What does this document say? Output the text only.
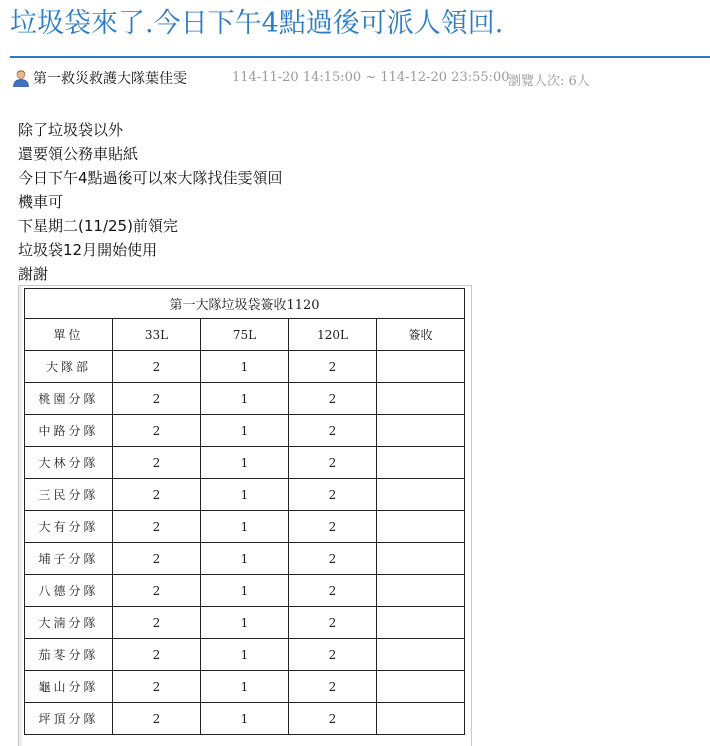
垃圾袋來了.今日下午4點過後可派人領回.
第一救災救護大隊葉佳雯	114-11-20 14:15:00 ~ 114-12-20 23:55:00
瀏覽人次: 6人
除了垃圾袋以外
還要領公務車貼紙
今日下午4點過後可以來大隊找佳雯領回
機車可
下星期二(11/25)前領完
垃圾袋12月開始使用
謝謝
第一大隊垃圾袋簽收1120				
單位	33L	75L	120L	簽收
大隊部	2	1	2	
桃園分隊	2	1	2	
中路分隊	2	1	2	
大林分隊	2	1	2	
三民分隊	2	1	2	
大有分隊	2	1	2	
埔子分隊	2	1	2	
八德分隊	2	1	2	
大湳分隊	2	1	2	
茄苳分隊	2	1	2	
龜山分隊	2	1	2	
坪頂分隊	2	1	2	
